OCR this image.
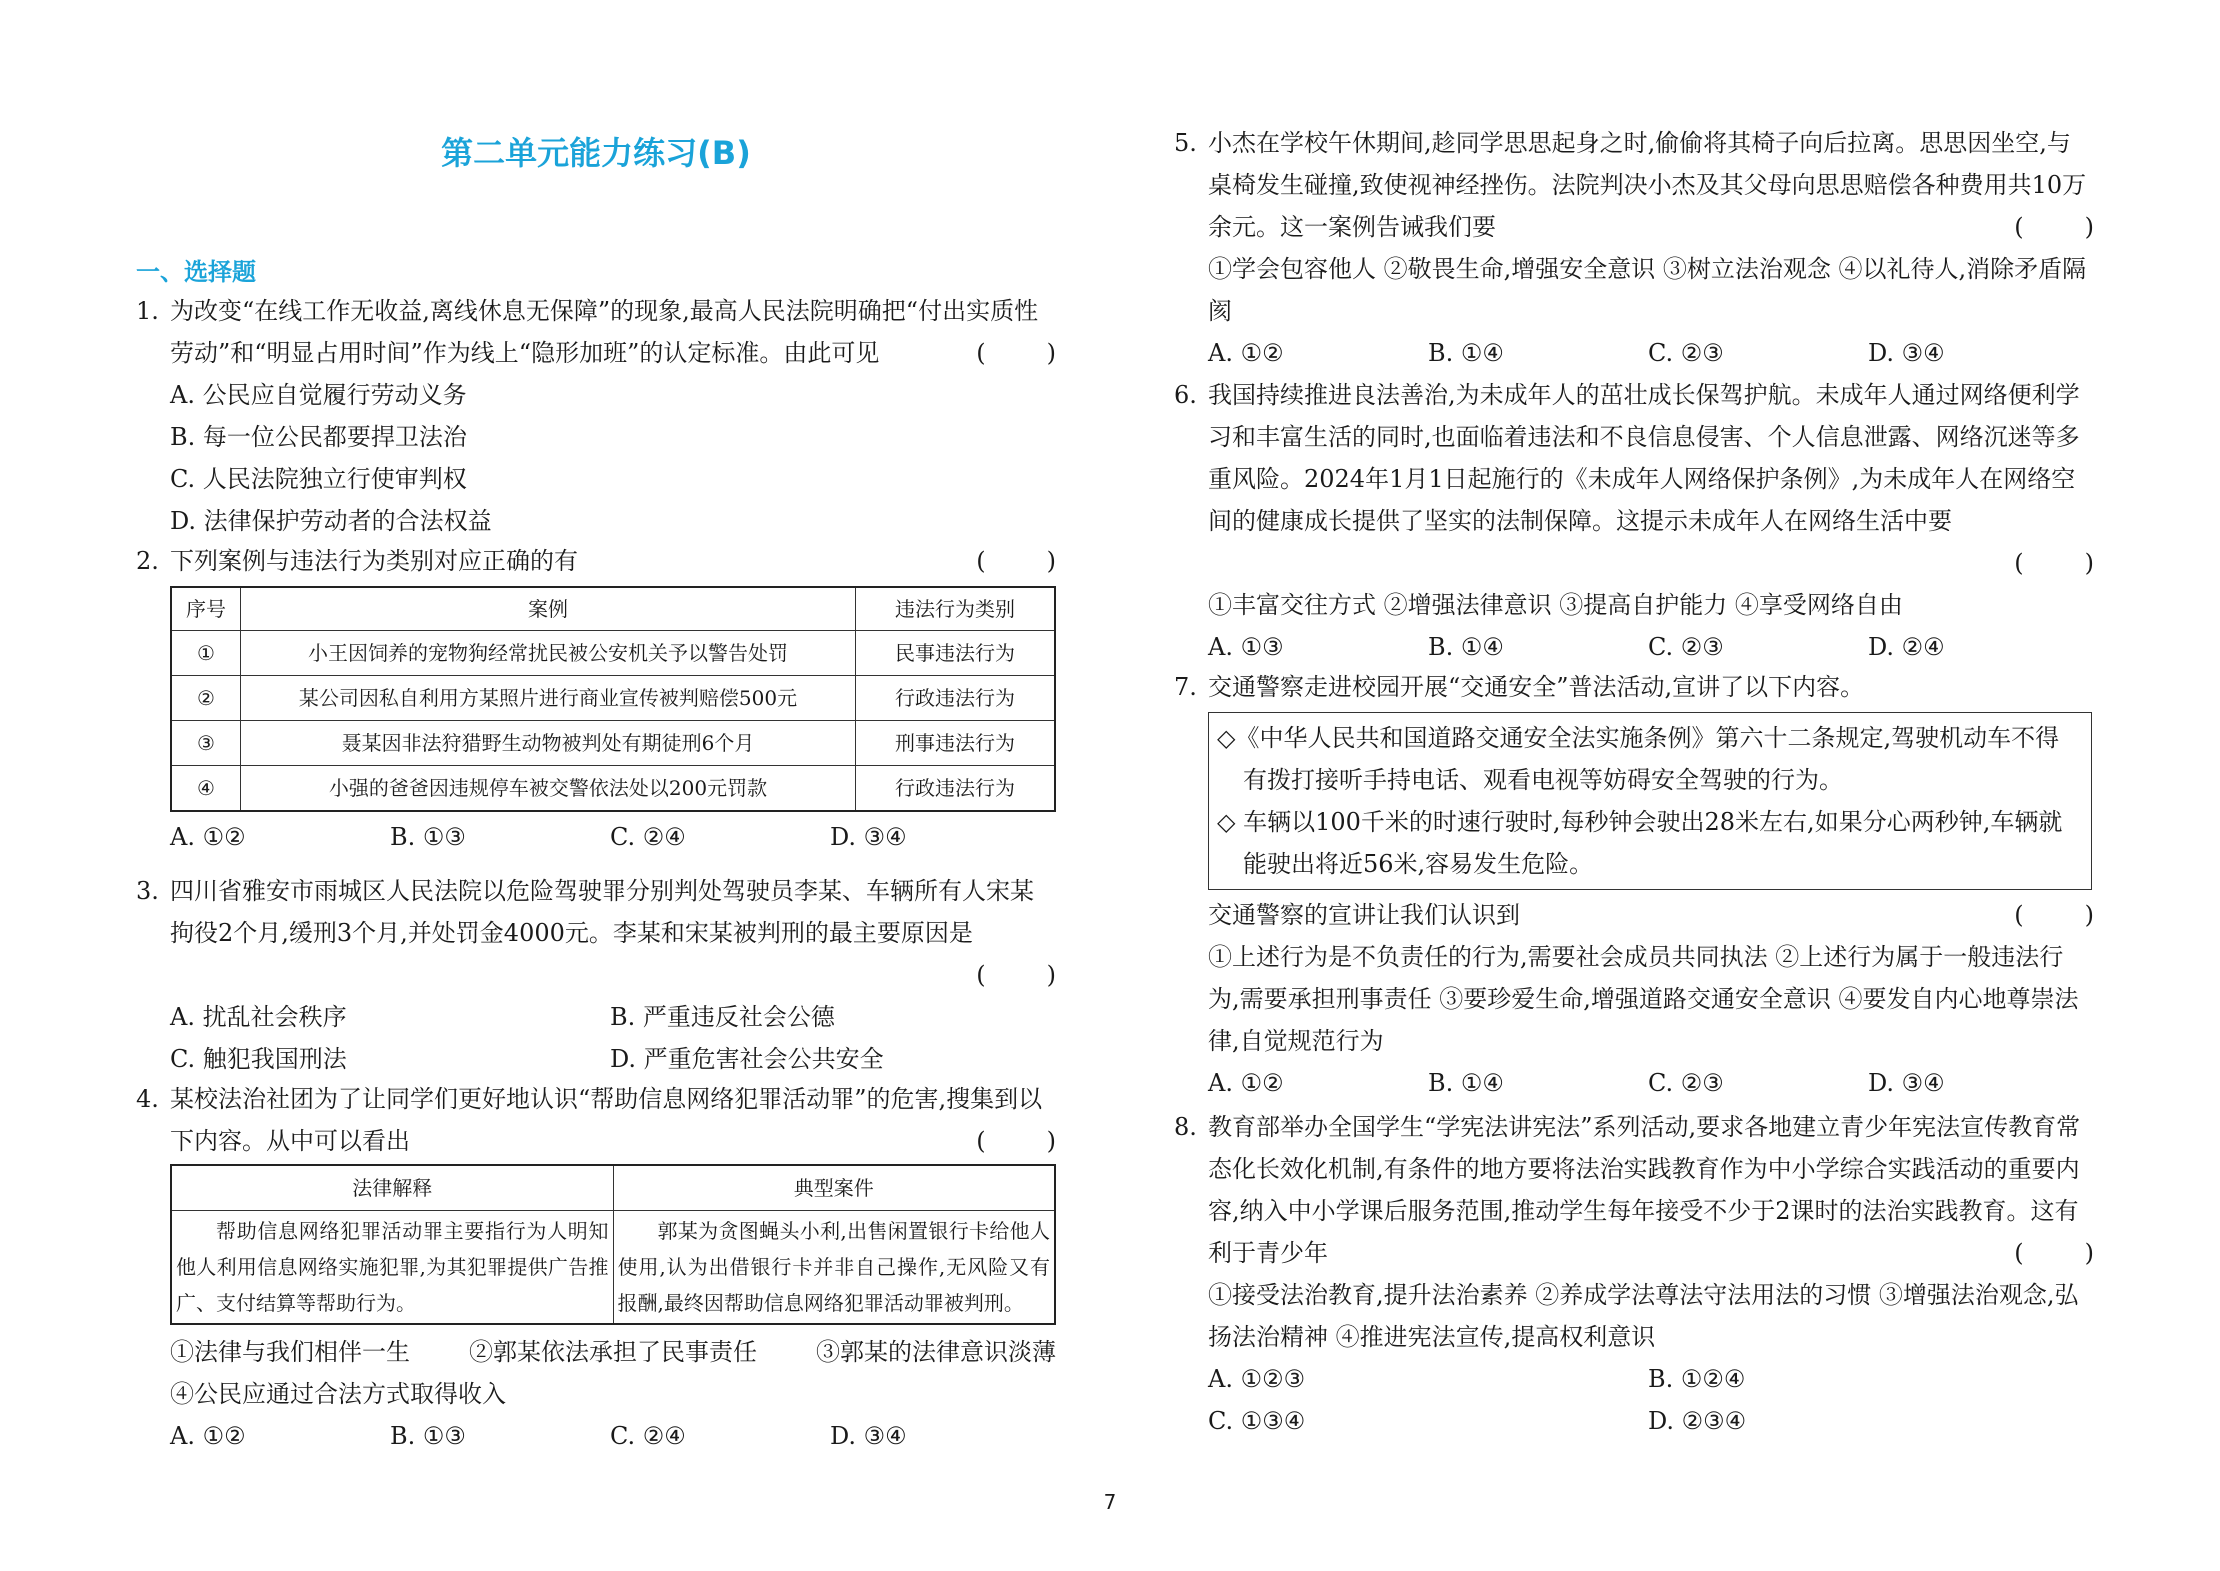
第二单元能力练习(B)
一、选择题
1. 为改变“在线工作无收益,离线休息无保障”的现象,最高人民法院明确把“付出实质性劳动”和“明显占用时间”作为线上“隐形加班”的认定标准。由此可见	(        )
A. 公民应自觉履行劳动义务
B. 每一位公民都要捍卫法治
C. 人民法院独立行使审判权
D. 法律保护劳动者的合法权益
2. 下列案例与违法行为类别对应正确的有	(        )
序号	案例	违法行为类别
①	小王因饲养的宠物狗经常扰民被公安机关予以警告处罚	民事违法行为
②	某公司因私自利用方某照片进行商业宣传被判赔偿500元	行政违法行为
③	聂某因非法狩猎野生动物被判处有期徒刑6个月	刑事违法行为
④	小强的爸爸因违规停车被交警依法处以200元罚款	行政违法行为
A. ①②	B. ①③	C. ②④	D. ③④
3. 四川省雅安市雨城区人民法院以危险驾驶罪分别判处驾驶员李某、车辆所有人宋某拘役2个月,缓刑3个月,并处罚金4000元。李某和宋某被判刑的最主要原因是
(        )
A. 扰乱社会秩序	B. 严重违反社会公德
C. 触犯我国刑法	D. 严重危害社会公共安全
4. 某校法治社团为了让同学们更好地认识“帮助信息网络犯罪活动罪”的危害,搜集到以下内容。从中可以看出	(        )
法律解释	典型案件
帮助信息网络犯罪活动罪主要指行为人明知他人利用信息网络实施犯罪,为其犯罪提供广告推广、支付结算等帮助行为。	郭某为贪图蝇头小利,出售闲置银行卡给他人使用,认为出借银行卡并非自己操作,无风险又有报酬,最终因帮助信息网络犯罪活动罪被判刑。
①法律与我们相伴一生 ②郭某依法承担了民事责任 ③郭某的法律意识淡薄
④公民应通过合法方式取得收入
A. ①②	B. ①③	C. ②④	D. ③④
5. 小杰在学校午休期间,趁同学思思起身之时,偷偷将其椅子向后拉离。思思因坐空,与桌椅发生碰撞,致使视神经挫伤。法院判决小杰及其父母向思思赔偿各种费用共10万余元。这一案例告诫我们要	(        )
①学会包容他人 ②敬畏生命,增强安全意识 ③树立法治观念 ④以礼待人,消除矛盾隔阂
A. ①②	B. ①④	C. ②③	D. ③④
6. 我国持续推进良法善治,为未成年人的茁壮成长保驾护航。未成年人通过网络便利学习和丰富生活的同时,也面临着违法和不良信息侵害、个人信息泄露、网络沉迷等多重风险。2024年1月1日起施行的《未成年人网络保护条例》,为未成年人在网络空间的健康成长提供了坚实的法制保障。这提示未成年人在网络生活中要
(        )
①丰富交往方式 ②增强法律意识 ③提高自护能力 ④享受网络自由
A. ①③	B. ①④	C. ②③	D. ②④
7. 交通警察走进校园开展“交通安全”普法活动,宣讲了以下内容。
◇《中华人民共和国道路交通安全法实施条例》第六十二条规定,驾驶机动车不得有拨打接听手持电话、观看电视等妨碍安全驾驶的行为。
◇ 车辆以100千米的时速行驶时,每秒钟会驶出28米左右,如果分心两秒钟,车辆就能驶出将近56米,容易发生危险。
交通警察的宣讲让我们认识到	(        )
①上述行为是不负责任的行为,需要社会成员共同执法 ②上述行为属于一般违法行为,需要承担刑事责任 ③要珍爱生命,增强道路交通安全意识 ④要发自内心地尊崇法律,自觉规范行为
A. ①②	B. ①④	C. ②③	D. ③④
8. 教育部举办全国学生“学宪法讲宪法”系列活动,要求各地建立青少年宪法宣传教育常态化长效化机制,有条件的地方要将法治实践教育作为中小学综合实践活动的重要内容,纳入中小学课后服务范围,推动学生每年接受不少于2课时的法治实践教育。这有利于青少年	(        )
①接受法治教育,提升法治素养 ②养成学法尊法守法用法的习惯 ③增强法治观念,弘扬法治精神 ④推进宪法宣传,提高权利意识
A. ①②③	B. ①②④
C. ①③④	D. ②③④
7
